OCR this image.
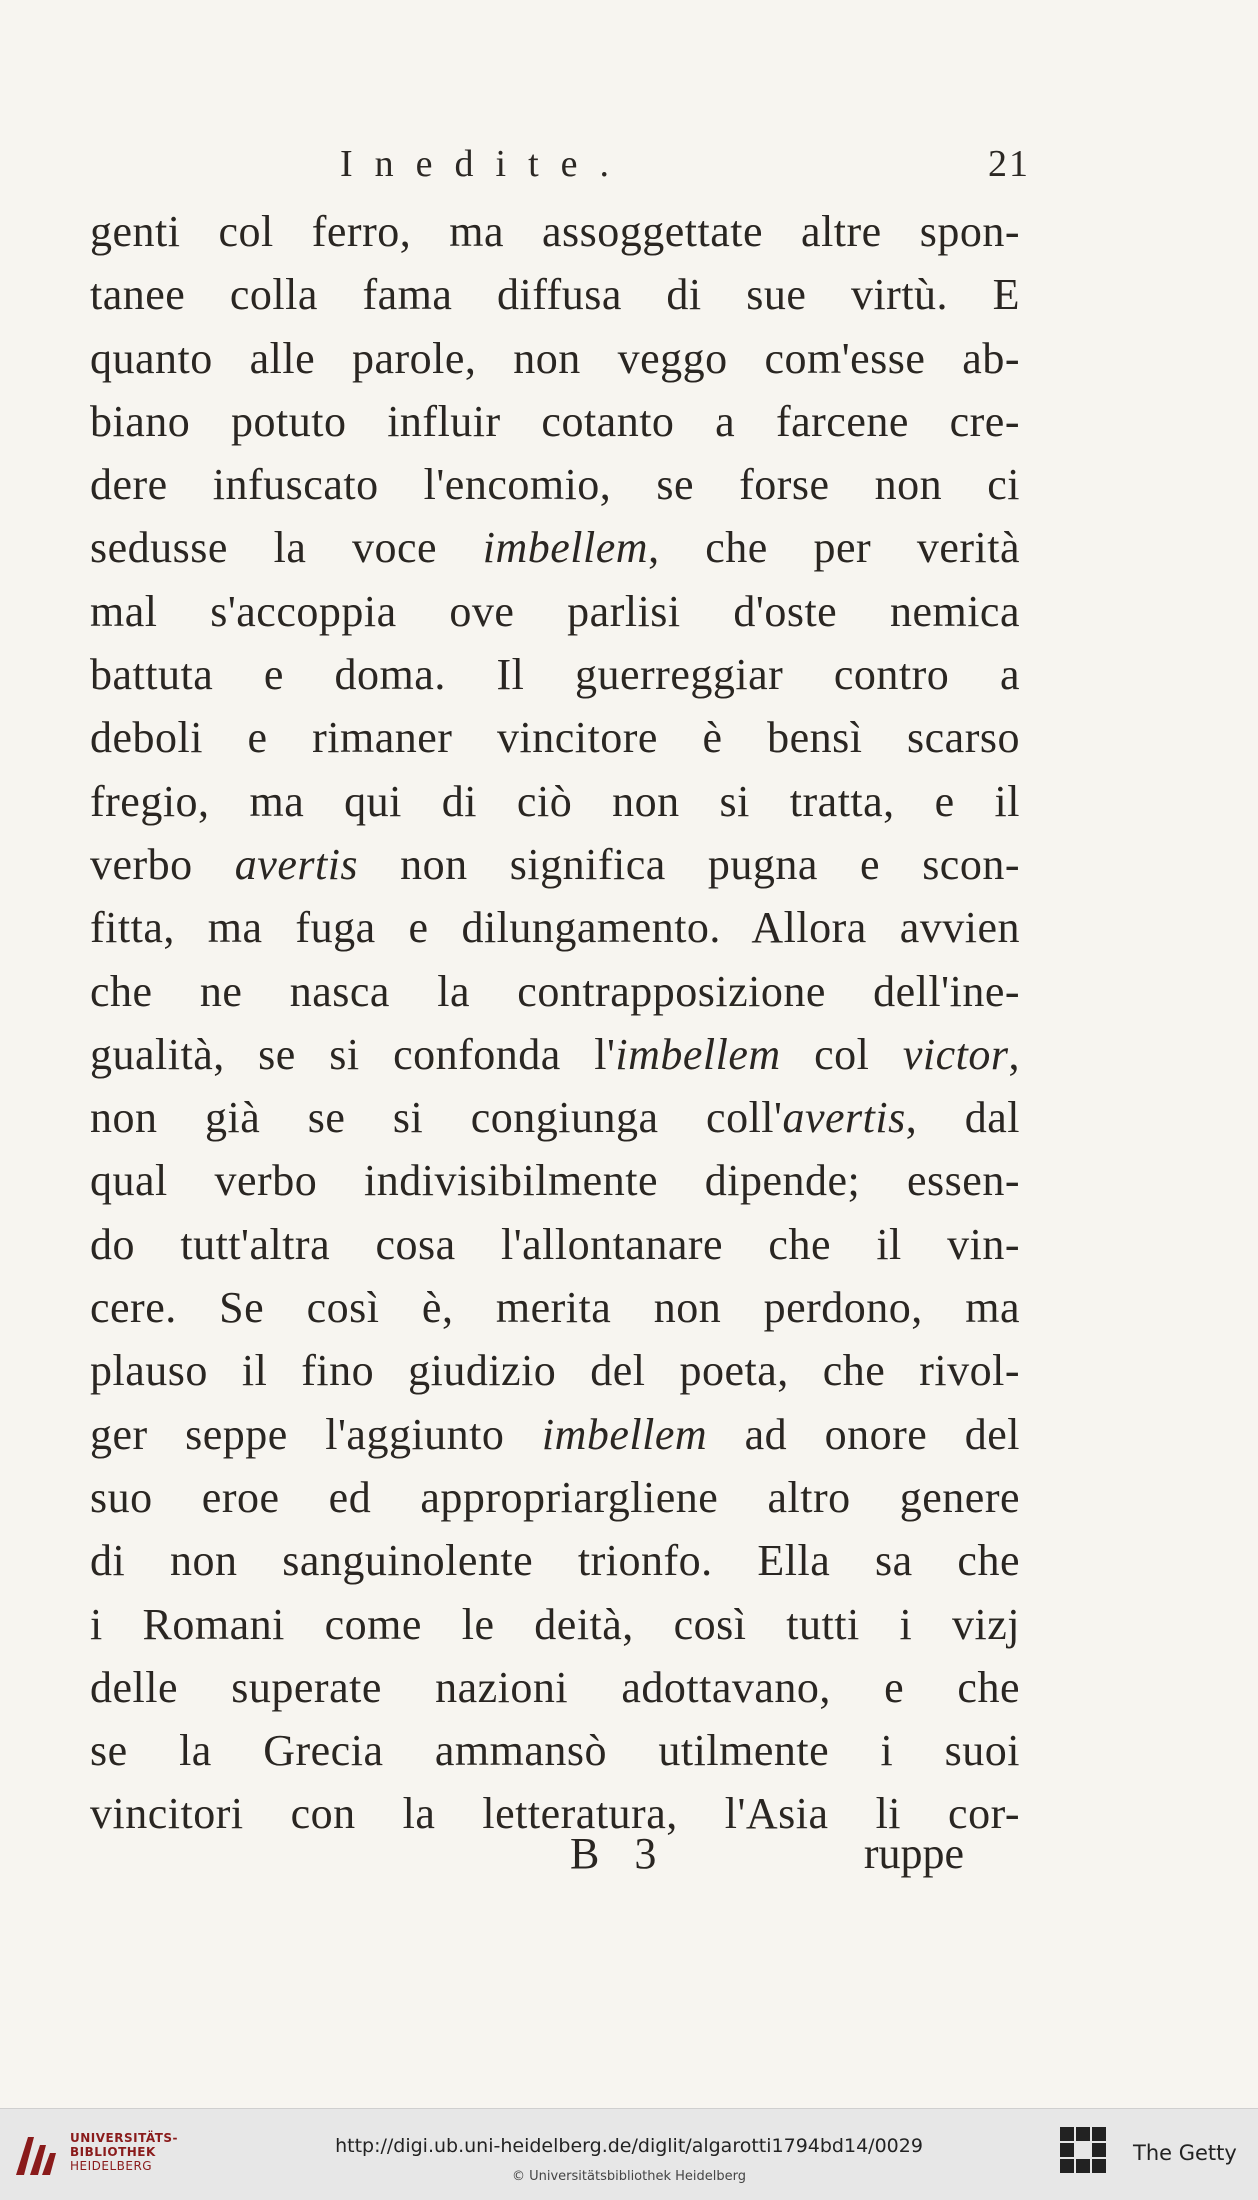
Inedite.	21
genti col ferro, ma assoggettate altre spon-
tanee colla fama diffusa di sue virtù. E
quanto alle parole, non veggo com'esse ab-
biano potuto influir cotanto a farcene cre-
dere infuscato l'encomio, se forse non ci
sedusse la voce imbellem, che per verità
mal s'accoppia ove parlisi d'oste nemica
battuta e doma. Il guerreggiar contro a
deboli e rimaner vincitore è bensì scarso
fregio, ma qui di ciò non si tratta, e il
verbo avertis non significa pugna e scon-
fitta, ma fuga e dilungamento. Allora avvien
che ne nasca la contrapposizione dell'ine-
gualità, se si confonda l'imbellem col victor,
non già se si congiunga coll'avertis, dal
qual verbo indivisibilmente dipende; essen-
do tutt'altra cosa l'allontanare che il vin-
cere. Se così è, merita non perdono, ma
plauso il fino giudizio del poeta, che rivol-
ger seppe l'aggiunto imbellem ad onore del
suo eroe ed appropriargliene altro genere
di non sanguinolente trionfo. Ella sa che
i Romani come le deità, così tutti i vizj
delle superate nazioni adottavano, e che
se la Grecia ammansò utilmente i suoi
vincitori con la letteratura, l'Asia li cor-
B 3	ruppe
UNIVERSITÄTS-
BIBLIOTHEK
HEIDELBERG
http://digi.ub.uni-heidelberg.de/diglit/algarotti1794bd14/0029
© Universitätsbibliothek Heidelberg
The Getty
